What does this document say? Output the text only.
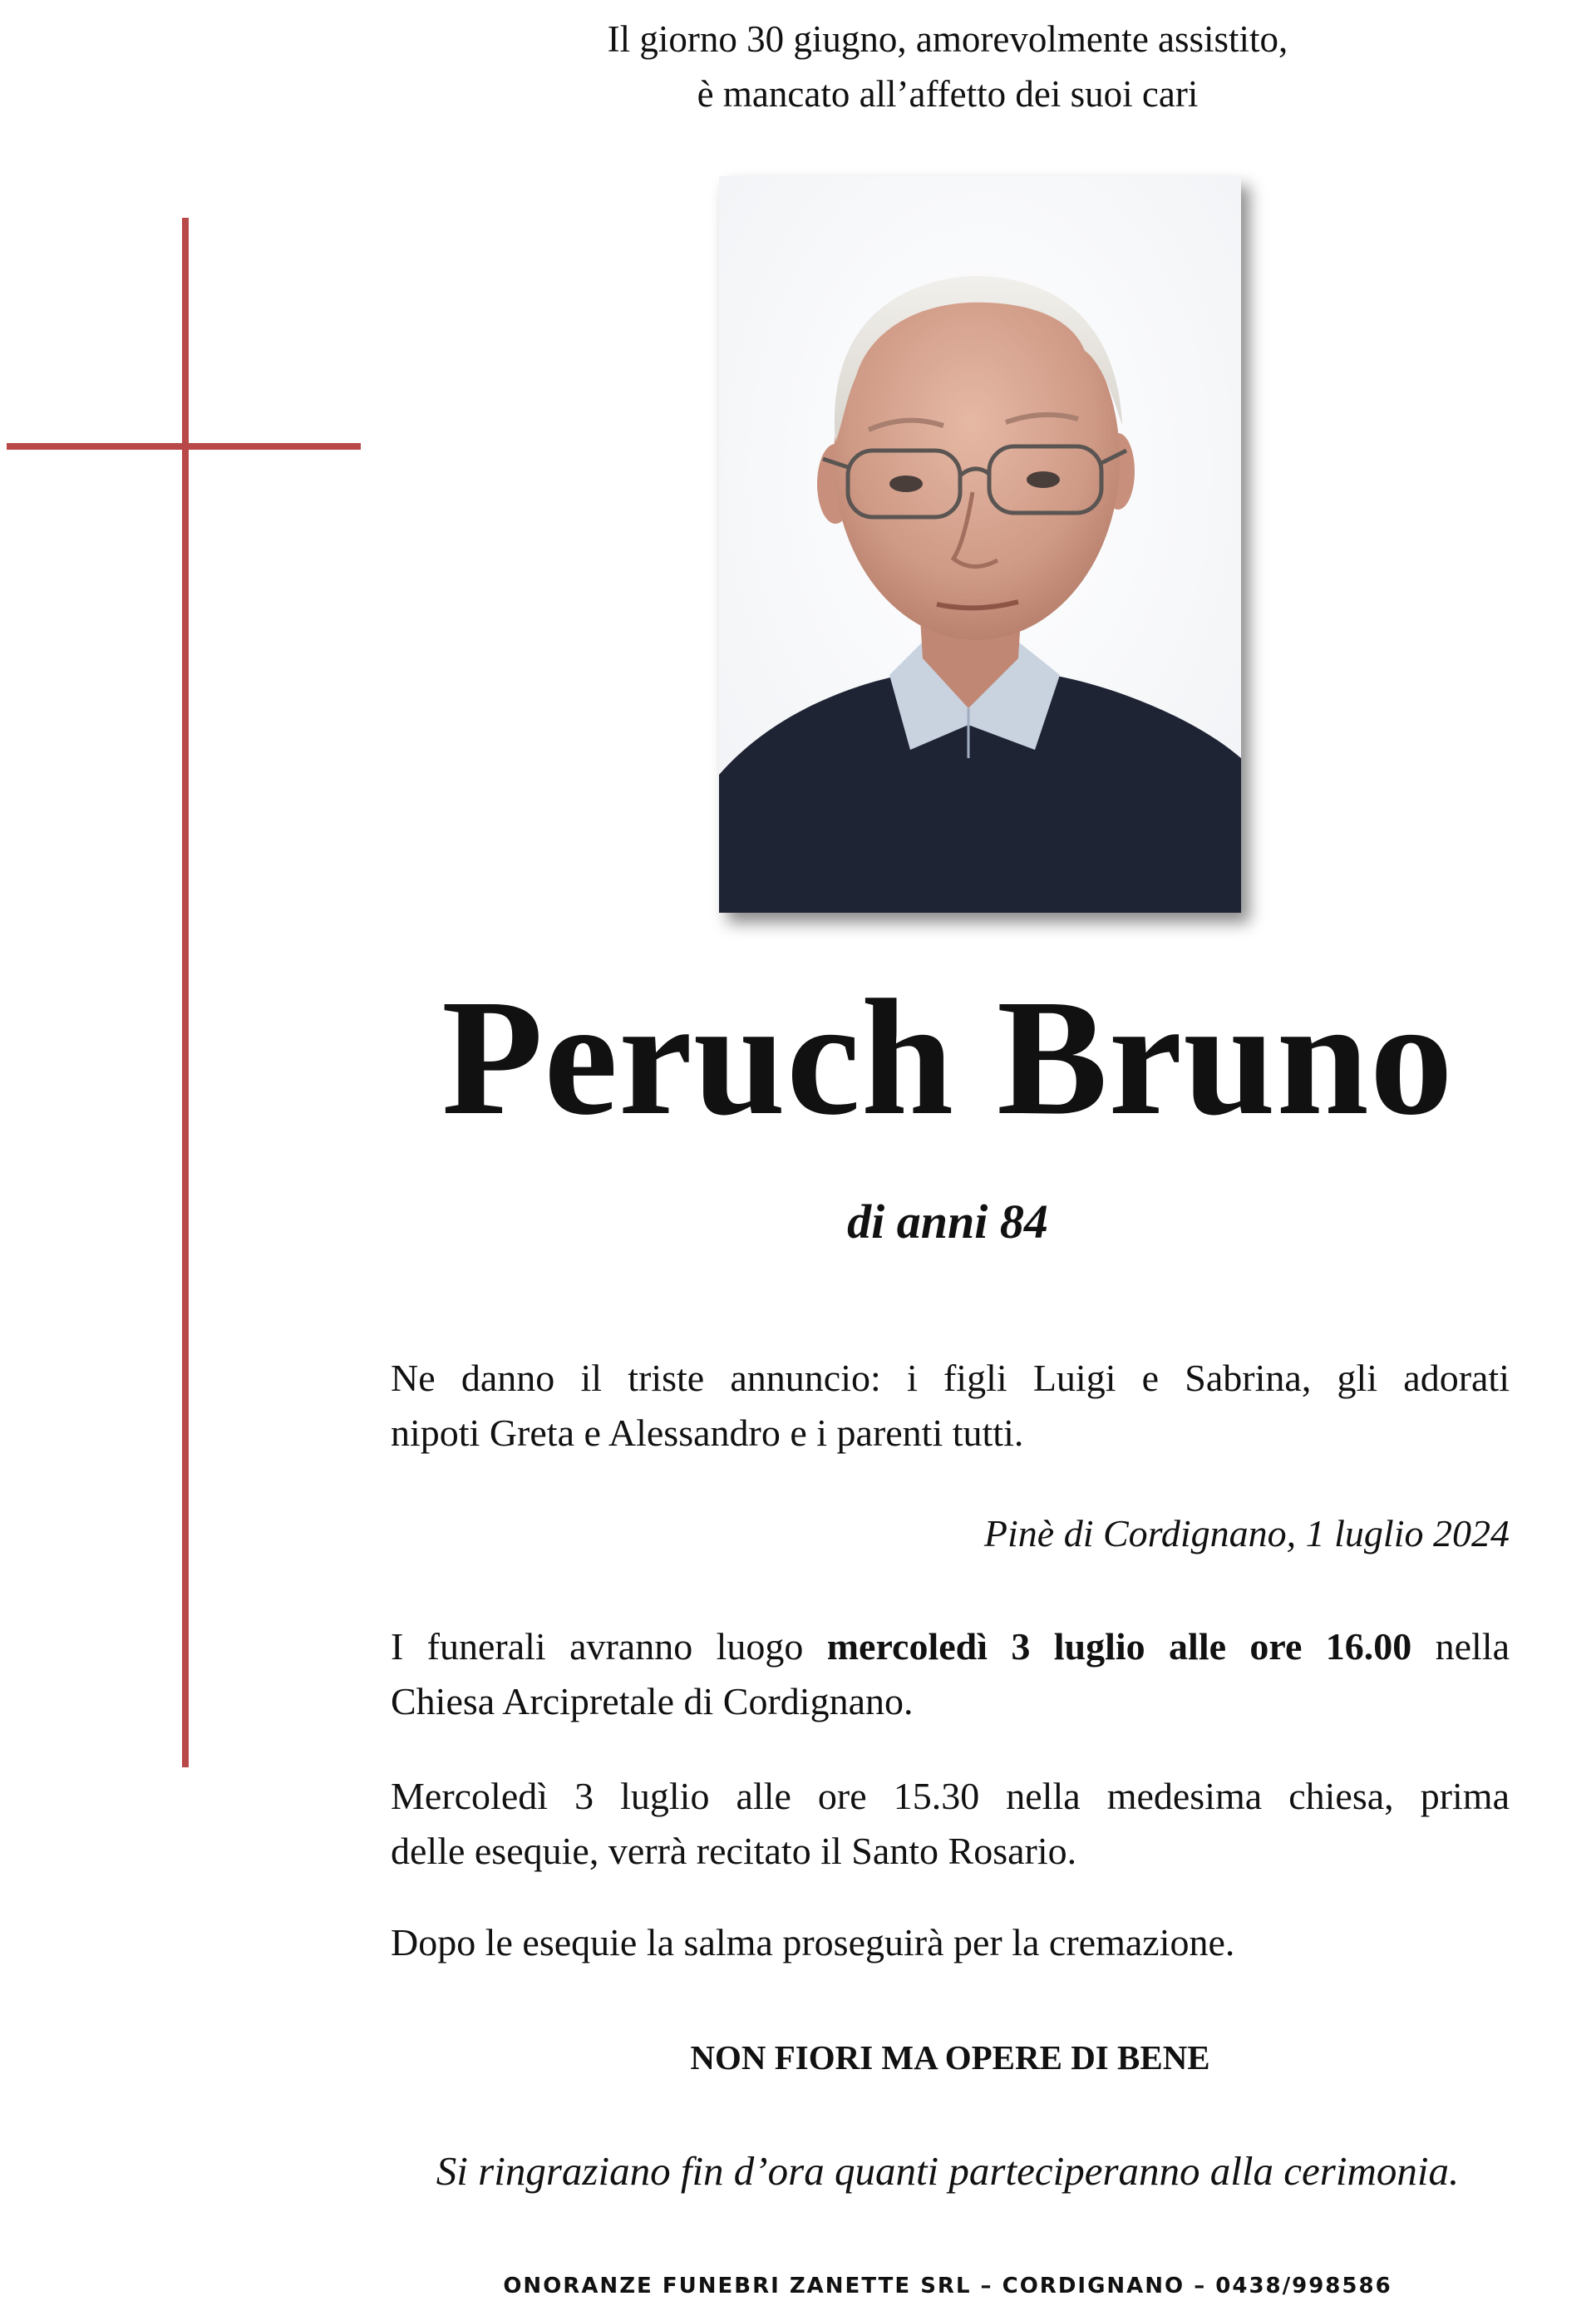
Il giorno 30 giugno, amorevolmente assistito,
è mancato all’affetto dei suoi cari
Peruch Bruno
di anni 84
Ne danno il triste annuncio: i figli Luigi e Sabrina, gli adorati
nipoti Greta e Alessandro e i parenti tutti.
Pinè di Cordignano, 1 luglio 2024
I funerali avranno luogo mercoledì 3 luglio alle ore 16.00 nella
Chiesa Arcipretale di Cordignano.
Mercoledì 3 luglio alle ore 15.30 nella medesima chiesa, prima
delle esequie, verrà recitato il Santo Rosario.
Dopo le esequie la salma proseguirà per la cremazione.
NON FIORI MA OPERE DI BENE
Si ringraziano fin d’ora quanti parteciperanno alla cerimonia.
ONORANZE FUNEBRI ZANETTE SRL – CORDIGNANO – 0438/998586
